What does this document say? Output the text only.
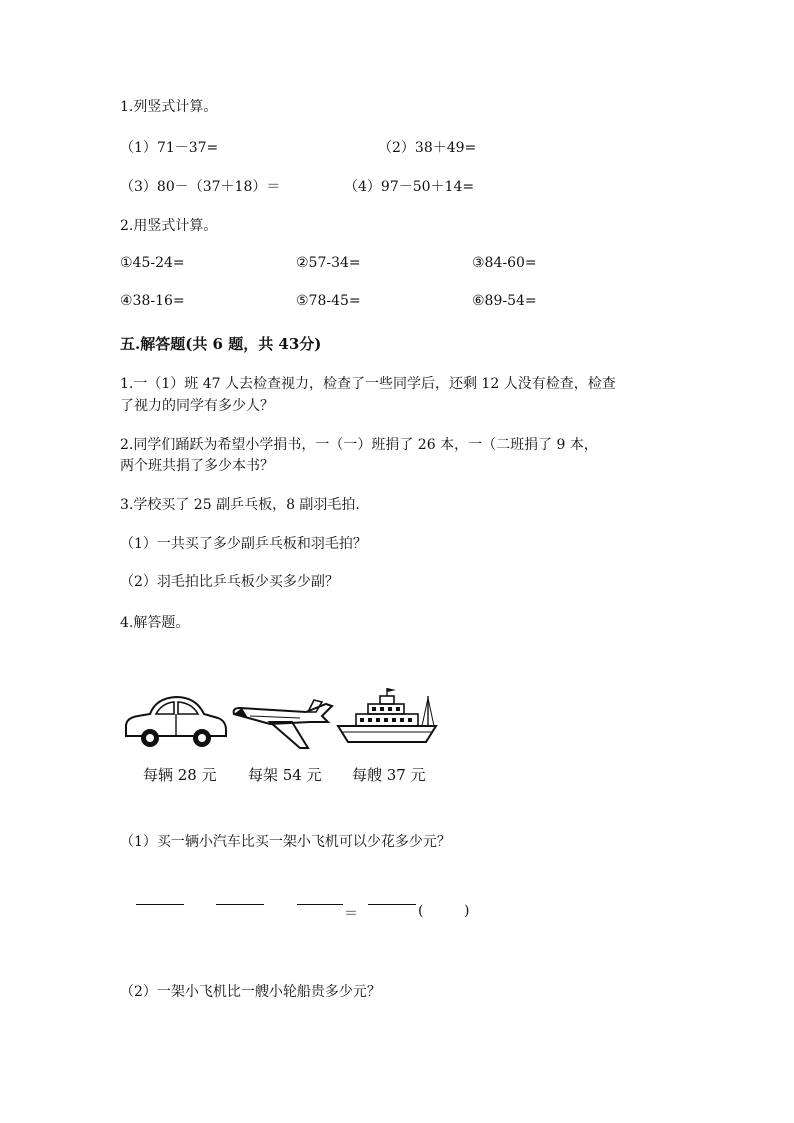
1.列竖式计算。
（1）71－37=	（2）38＋49=
（3）80－（37＋18）＝	（4）97－50＋14=
2.用竖式计算。
①45-24=	②57-34=	③84-60=
④38-16=	⑤78-45=	⑥89-54=
五.解答题(共 6 题，共 43分)
1.一（1）班 47 人去检查视力，检查了一些同学后，还剩 12 人没有检查，检查
了视力的同学有多少人？
2.同学们踊跃为希望小学捐书，一（一）班捐了 26 本，一（二班捐了 9 本，
两个班共捐了多少本书？
3.学校买了 25 副乒乓板，8 副羽毛拍.
（1）一共买了多少副乒乓板和羽毛拍？
（2）羽毛拍比乒乓板少买多少副？
4.解答题。
每辆 28 元 每架 54 元 每艘 37 元
（1）买一辆小汽车比买一架小飞机可以少花多少元？
＝	(	)
（2）一架小飞机比一艘小轮船贵多少元？
